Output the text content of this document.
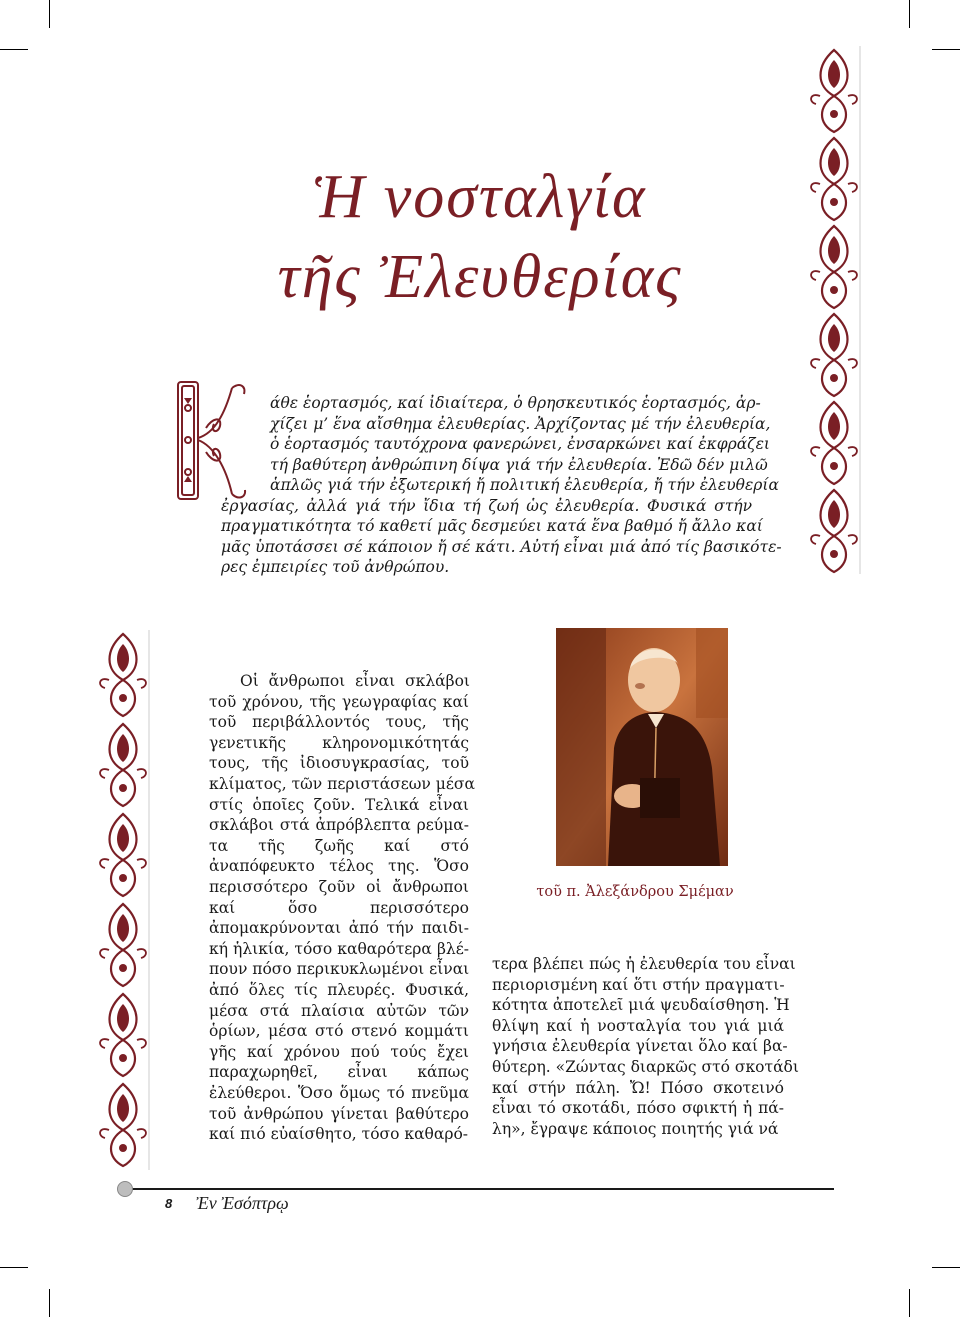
Ἡ νοσταλγία
τῆς Ἐλευθερίας
Κ
άθε ἑορτασμός, καί ἰδιαίτερα, ὁ θρησκευτικός ἑορτασμός, ἀρ-
χίζει μ’ ἕνα αἴσθημα ἐλευθερίας. Ἀρχίζοντας μέ τήν ἐλευθερία,
ὁ ἑορτασμός ταυτόχρονα φανερώνει, ἐνσαρκώνει καί ἐκφράζει
τή βαθύτερη ἀνθρώπινη δίψα γιά τήν ἐλευθερία. Ἐδῶ δέν μιλῶ
ἁπλῶς γιά τήν ἐξωτερική ἤ πολιτική ἐλευθερία, ἤ τήν ἐλευθερία
ἐργασίας, ἀλλά γιά τήν ἴδια τή ζωή ὡς ἐλευθερία. Φυσικά στήν
πραγματικότητα τό καθετί μᾶς δεσμεύει κατά ἕνα βαθμό ἤ ἄλλο καί
μᾶς ὑποτάσσει σέ κάποιον ἤ σέ κάτι. Αὐτή εἶναι μιά ἀπό τίς βασικότε-
ρες ἐμπειρίες τοῦ ἀνθρώπου.
Οἱ ἄνθρωποι εἶναι σκλάβοι
τοῦ χρόνου, τῆς γεωγραφίας καί
τοῦ περιβάλλοντός τους, τῆς
γενετικῆς κληρονομικότητάς
τους, τῆς ἰδιοσυγκρασίας, τοῦ
κλίματος, τῶν περιστάσεων μέσα
στίς ὁποῖες ζοῦν. Τελικά εἶναι
σκλάβοι στά ἀπρόβλεπτα ρεύμα-
τα τῆς ζωῆς καί στό
ἀναπόφευκτο τέλος της. Ὅσο
περισσότερο ζοῦν οἱ ἄνθρωποι
καί ὅσο περισσότερο
ἀπομακρύνονται ἀπό τήν παιδι-
κή ἡλικία, τόσο καθαρότερα βλέ-
πουν πόσο περικυκλωμένοι εἶναι
ἀπό ὅλες τίς πλευρές. Φυσικά,
μέσα στά πλαίσια αὐτῶν τῶν
ὁρίων, μέσα στό στενό κομμάτι
γῆς καί χρόνου πού τούς ἔχει
παραχωρηθεῖ, εἶναι κάπως
ἐλεύθεροι. Ὅσο ὅμως τό πνεῦμα
τοῦ ἀνθρώπου γίνεται βαθύτερο
καί πιό εὐαίσθητο, τόσο καθαρό-
τοῦ π. Ἀλεξάνδρου Σμέμαν
τερα βλέπει πώς ἡ ἐλευθερία του εἶναι
περιορισμένη καί ὅτι στήν πραγματι-
κότητα ἀποτελεῖ μιά ψευδαίσθηση. Ἡ
θλίψη καί ἡ νοσταλγία του γιά μιά
γνήσια ἐλευθερία γίνεται ὅλο καί βα-
θύτερη. «Ζώντας διαρκῶς στό σκοτάδι
καί στήν πάλη. Ὤ! Πόσο σκοτεινό
εἶναι τό σκοτάδι, πόσο σφικτή ἡ πά-
λη», ἔγραψε κάποιος ποιητής γιά νά
8 Ἐν Ἐσόπτρῳ
